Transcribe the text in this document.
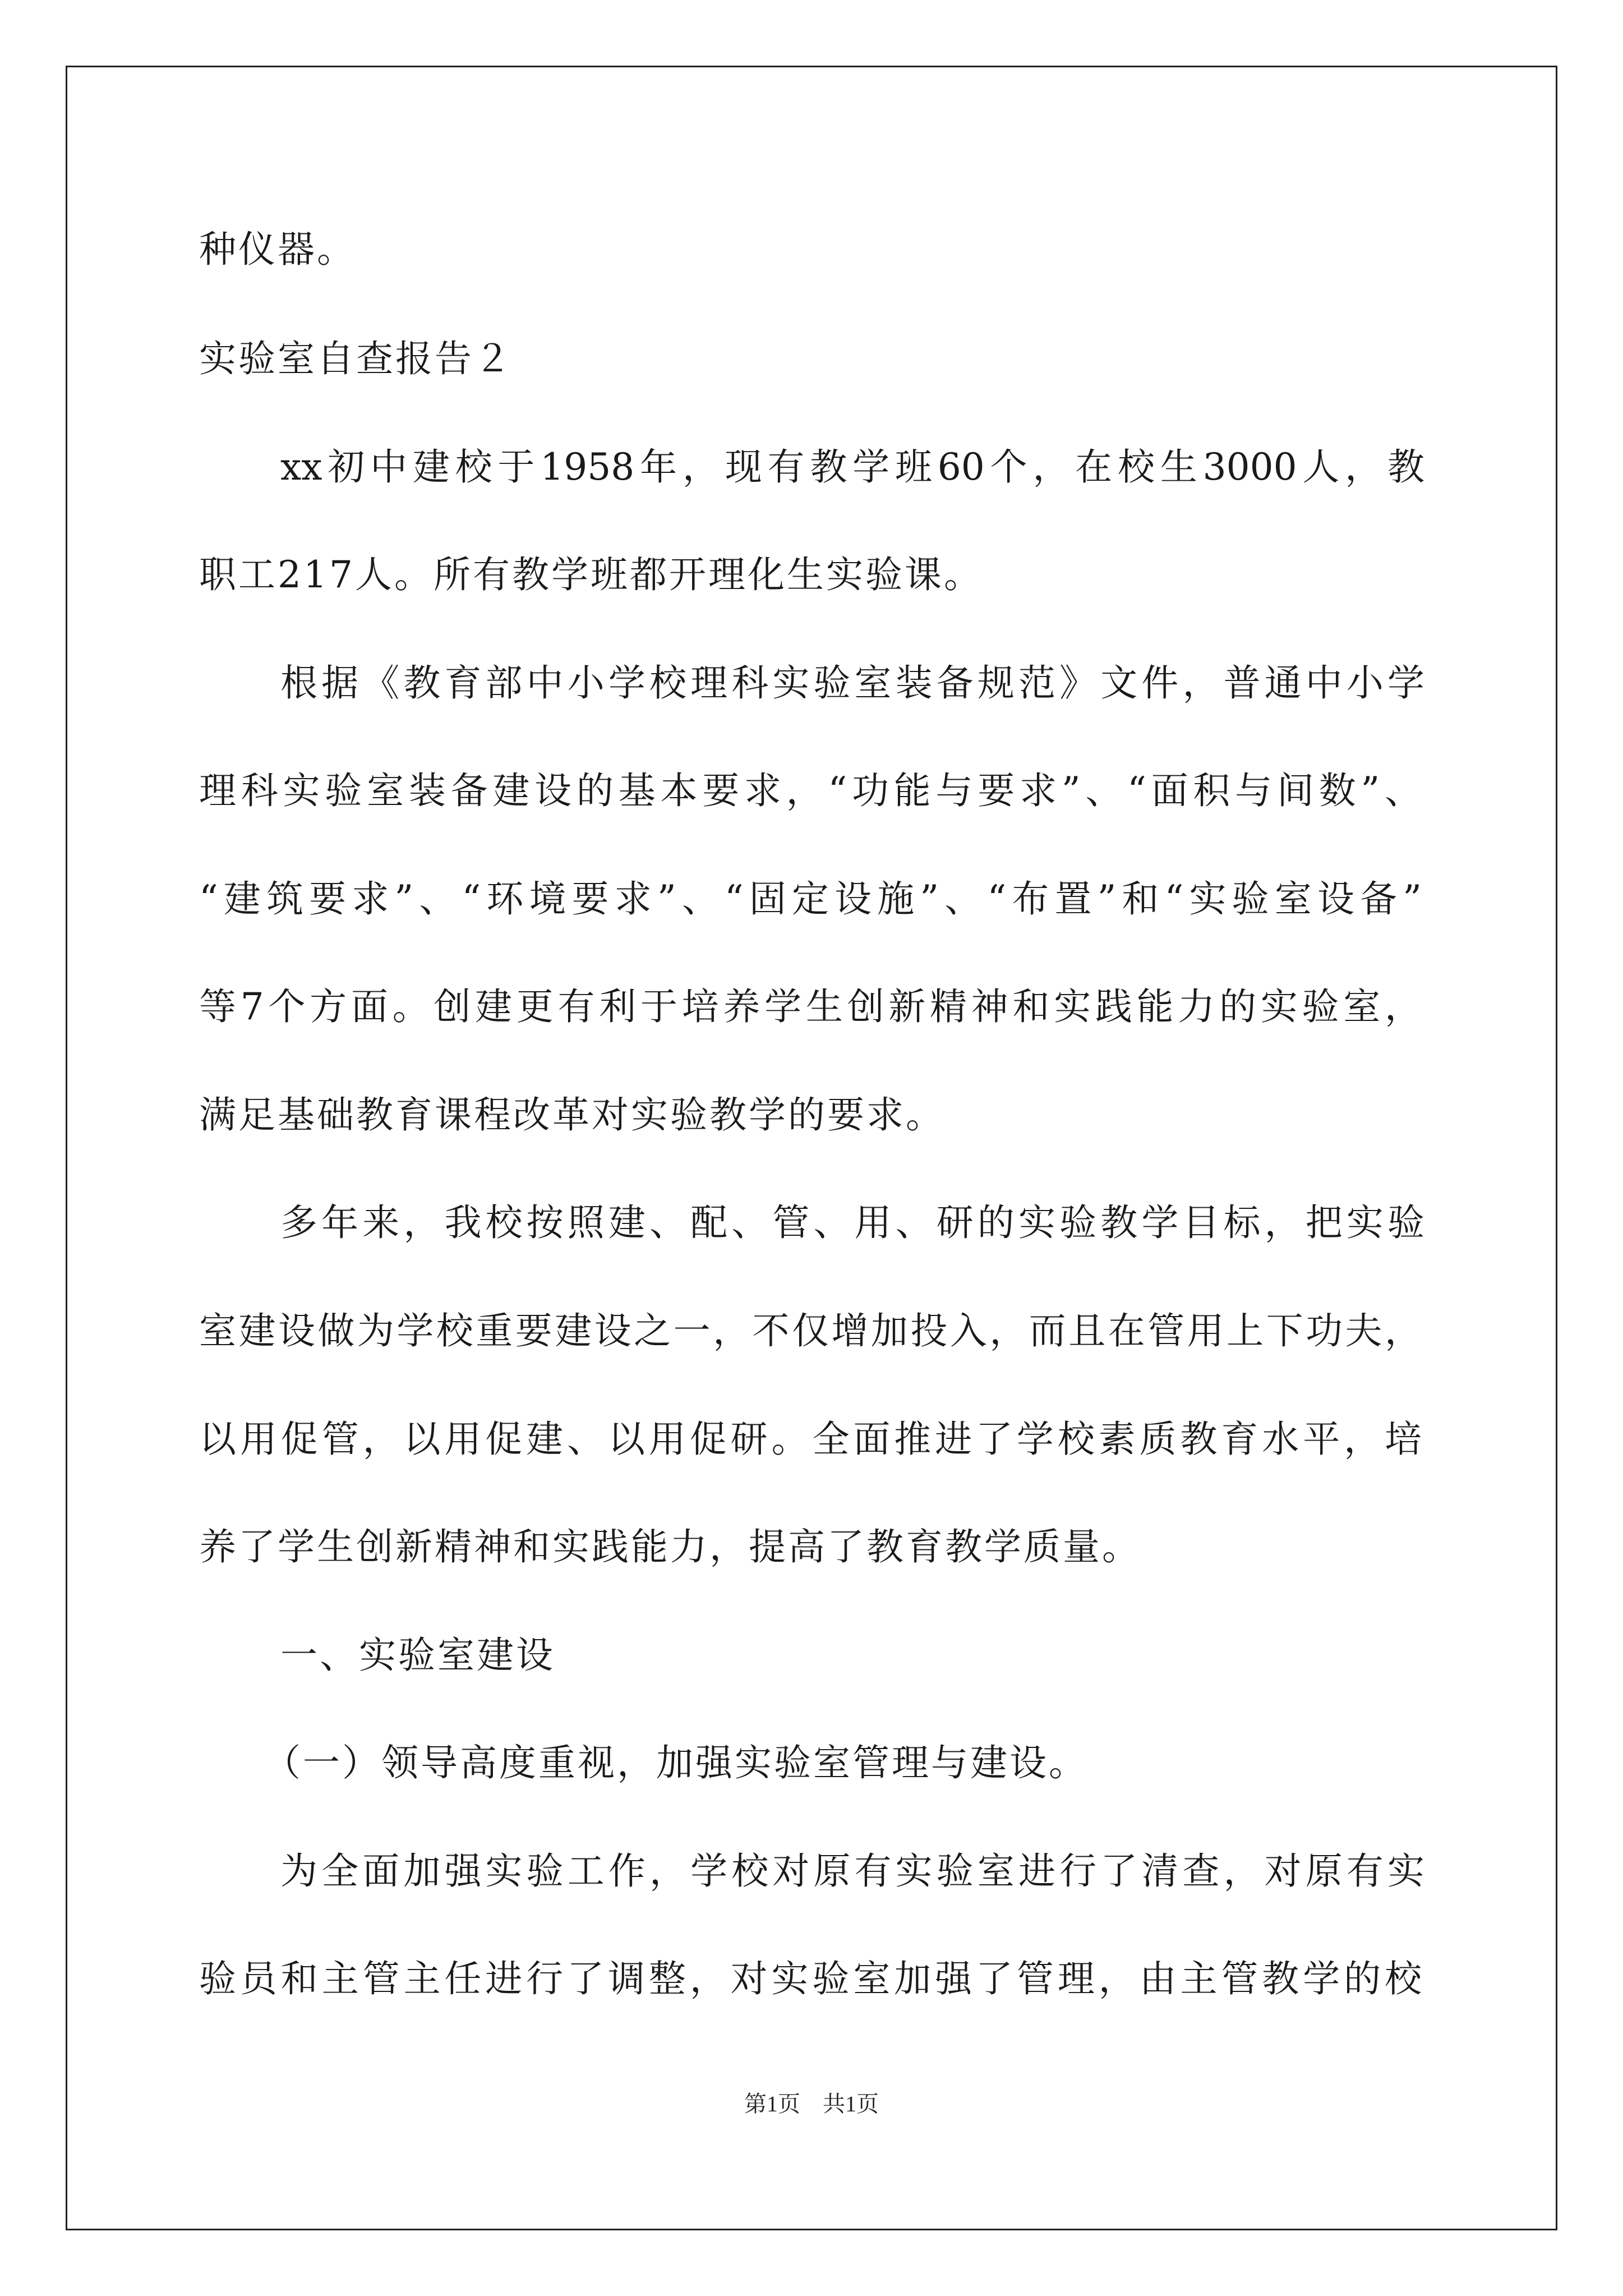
种仪器。
实验室自查报告２
xx初中建校于1958年，现有教学班60个，在校生3000人，教
职工217人。所有教学班都开理化生实验课。
根据《教育部中小学校理科实验室装备规范》文件，普通中小学
理科实验室装备建设的基本要求，“功能与要求”、“面积与间数”、
“建筑要求”、“环境要求”、“固定设施”、“布置”和“实验室设备”
等7个方面。创建更有利于培养学生创新精神和实践能力的实验室，
满足基础教育课程改革对实验教学的要求。
多年来，我校按照建、配、管、用、研的实验教学目标，把实验
室建设做为学校重要建设之一，不仅增加投入，而且在管用上下功夫，
以用促管，以用促建、以用促研。全面推进了学校素质教育水平，培
养了学生创新精神和实践能力，提高了教育教学质量。
一、实验室建设
（一）领导高度重视，加强实验室管理与建设。
为全面加强实验工作，学校对原有实验室进行了清查，对原有实
验员和主管主任进行了调整，对实验室加强了管理，由主管教学的校
第1页　共1页
